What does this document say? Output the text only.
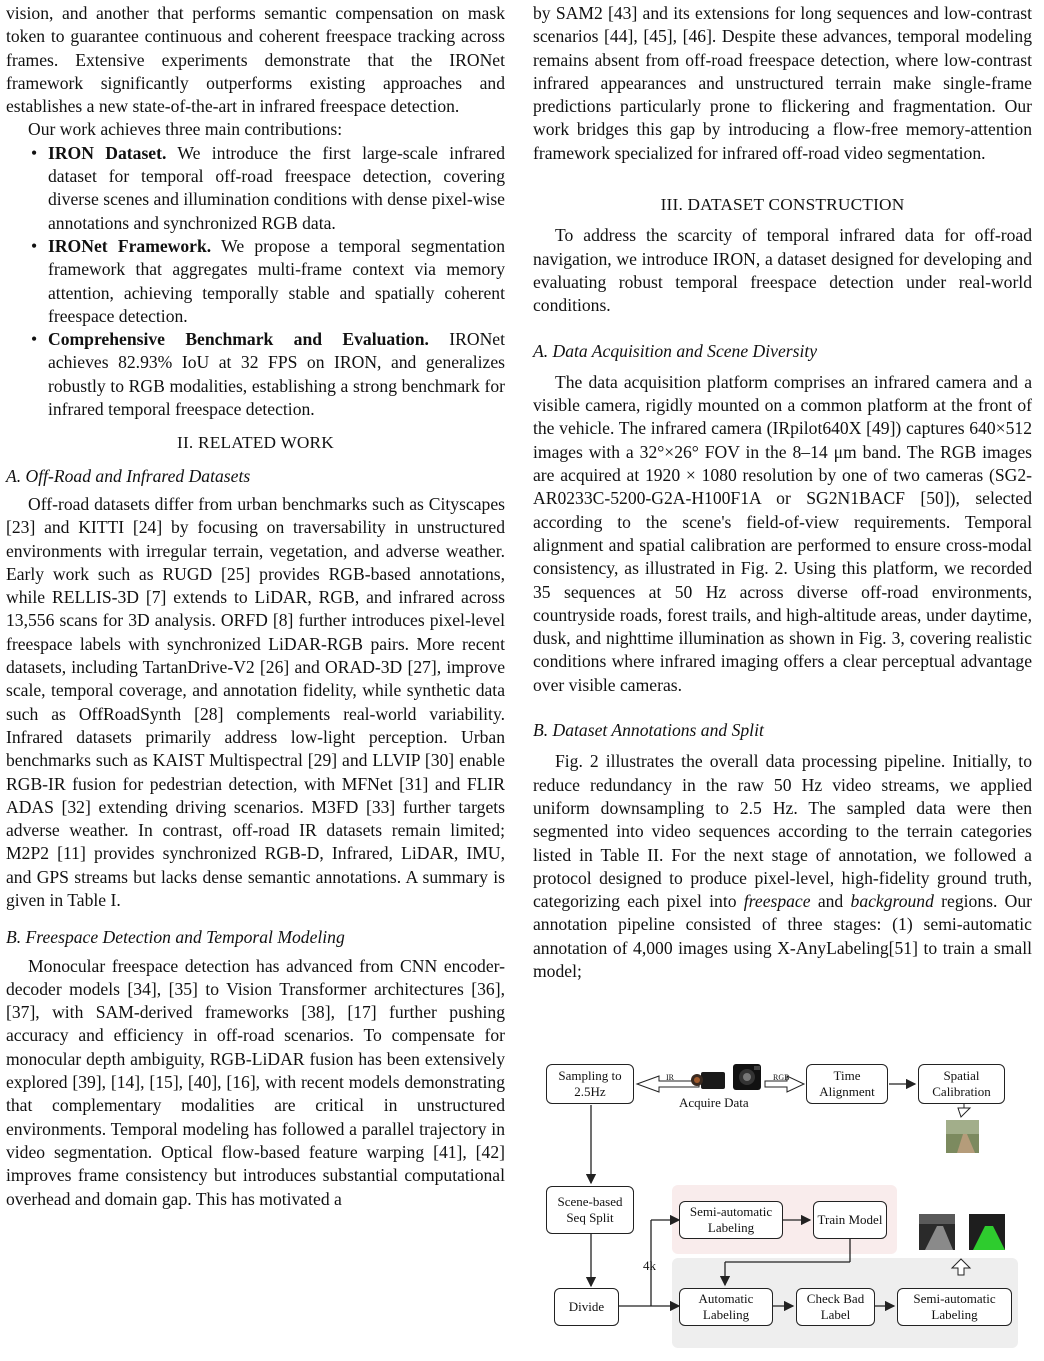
vision, and another that performs semantic compensation on mask token to guarantee continuous and coherent freespace tracking across frames. Extensive experiments demonstrate that the IRONet framework significantly outperforms existing approaches and establishes a new state-of-the-art in infrared freespace detection.

Our work achieves three main contributions:

• IRON Dataset. We introduce the first large-scale infrared dataset for temporal off-road freespace detection, covering diverse scenes and illumination conditions with dense pixel-wise annotations and synchronized RGB data.
• IRONet Framework. We propose a temporal segmentation framework that aggregates multi-frame context via memory attention, achieving temporally stable and spatially coherent freespace detection.
• Comprehensive Benchmark and Evaluation. IRONet achieves 82.93% IoU at 32 FPS on IRON, and generalizes robustly to RGB modalities, establishing a strong benchmark for infrared temporal freespace detection.
II. RELATED WORK
A. Off-Road and Infrared Datasets

Off-road datasets differ from urban benchmarks such as Cityscapes [23] and KITTI [24] by focusing on traversability in unstructured environments with irregular terrain, vegetation, and adverse weather. Early work such as RUGD [25] provides RGB-based annotations, while RELLIS-3D [7] extends to LiDAR, RGB, and infrared across 13,556 scans for 3D analysis. ORFD [8] further introduces pixel-level freespace labels with synchronized LiDAR-RGB pairs. More recent datasets, including TartanDrive-V2 [26] and ORAD-3D [27], improve scale, temporal coverage, and annotation fidelity, while synthetic data such as OffRoadSynth [28] complements real-world variability. Infrared datasets primarily address low-light perception. Urban benchmarks such as KAIST Multispectral [29] and LLVIP [30] enable RGB-IR fusion for pedestrian detection, with MFNet [31] and FLIR ADAS [32] extending driving scenarios. M3FD [33] further targets adverse weather. In contrast, off-road IR datasets remain limited; M2P2 [11] provides synchronized RGB-D, Infrared, LiDAR, IMU, and GPS streams but lacks dense semantic annotations. A summary is given in Table I.

B. Freespace Detection and Temporal Modeling

Monocular freespace detection has advanced from CNN encoder-decoder models [34], [35] to Vision Transformer architectures [36], [37], with SAM-derived frameworks [38], [17] further pushing accuracy and efficiency in off-road scenarios. To compensate for monocular depth ambiguity, RGB-LiDAR fusion has been extensively explored [39], [14], [15], [40], [16], with recent models demonstrating that complementary modalities are critical in unstructured environments. Temporal modeling has followed a parallel trajectory in video segmentation. Optical flow-based feature warping [41], [42] improves frame consistency but introduces substantial computational overhead and domain gap. This has motivated a

by SAM2 [43] and its extensions for long sequences and low-contrast scenarios [44], [45], [46]. Despite these advances, temporal modeling remains absent from off-road freespace detection, where low-contrast infrared appearances and unstructured terrain make single-frame predictions particularly prone to flickering and fragmentation. Our work bridges this gap by introducing a flow-free memory-attention framework specialized for infrared off-road video segmentation.

III. DATASET CONSTRUCTION

To address the scarcity of temporal infrared data for off-road navigation, we introduce IRON, a dataset designed for developing and evaluating robust temporal freespace detection under real-world conditions.

A. Data Acquisition and Scene Diversity

The data acquisition platform comprises an infrared camera and a visible camera, rigidly mounted on a common platform at the front of the vehicle. The infrared camera (IRpilot640X [49]) captures 640×512 images with a 32°×26° FOV in the 8–14 μm band. The RGB images are acquired at 1920 × 1080 resolution by one of two cameras (SG2-AR0233C-5200-G2A-H100F1A or SG2N1BACF [50]), selected according to the scene's field-of-view requirements. Temporal alignment and spatial calibration are performed to ensure cross-modal consistency, as illustrated in Fig. 2. Using this platform, we recorded 35 sequences at 50 Hz across diverse off-road environments, countryside roads, forest trails, and high-altitude areas, under daytime, dusk, and nighttime illumination as shown in Fig. 3, covering realistic conditions where infrared imaging offers a clear perceptual advantage over visible cameras.

B. Dataset Annotations and Split

Fig. 2 illustrates the overall data processing pipeline. Initially, to reduce redundancy in the raw 50 Hz video streams, we applied uniform downsampling to 2.5 Hz. The sampled data were then segmented into video sequences according to the terrain categories listed in Table II. For the next stage of annotation, we followed a protocol designed to produce pixel-level, high-fidelity ground truth, categorizing each pixel into freespace and background regions. Our annotation pipeline consisted of three stages: (1) semi-automatic annotation of 4,000 images using X-AnyLabeling[51] to train a small model;

IR	RGB
Acquire Data
4k
Sampling to 2.5Hz
Time Alignment
Spatial Calibration
Scene-based Seq Split	Semi-automatic Labeling
Train Model
Divide
Automatic Labeling
Check Bad Label
Semi-automatic Labeling
